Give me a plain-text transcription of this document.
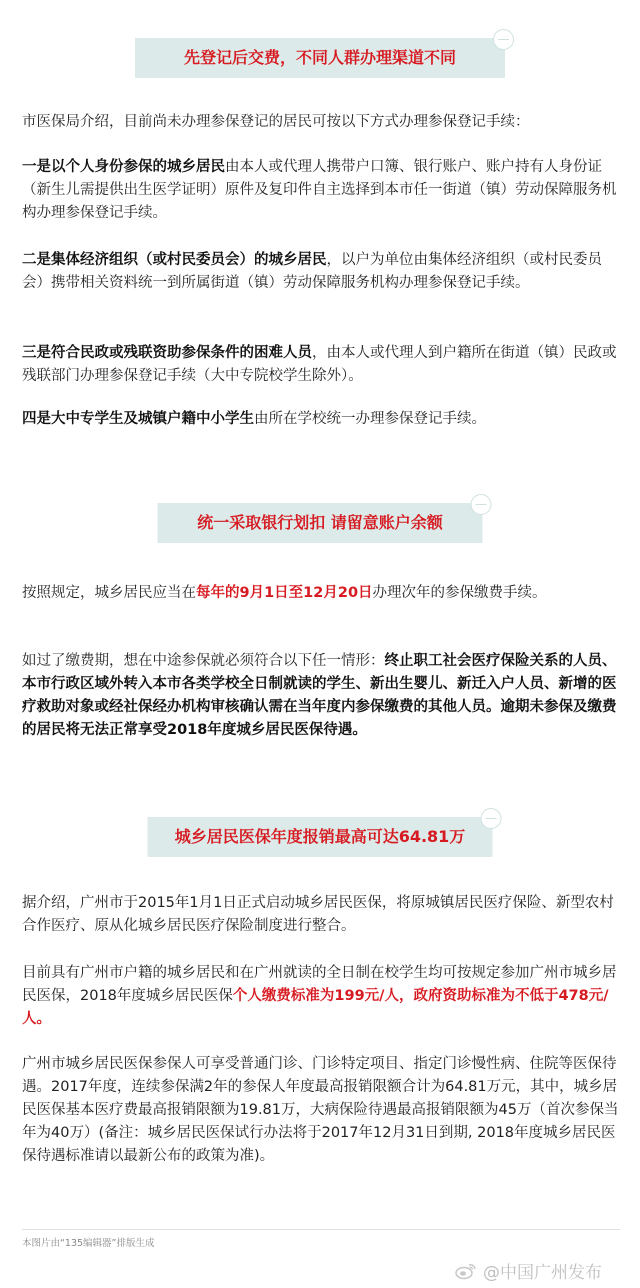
先登记后交费，不同人群办理渠道不同

市医保局介绍，目前尚未办理参保登记的居民可按以下方式办理参保登记手续：

一是以个人身份参保的城乡居民由本人或代理人携带户口簿、银行账户、账户持有人身份证（新生儿需提供出生医学证明）原件及复印件自主选择到本市任一街道（镇）劳动保障服务机构办理参保登记手续。

二是集体经济组织（或村民委员会）的城乡居民，以户为单位由集体经济组织（或村民委员会）携带相关资料统一到所属街道（镇）劳动保障服务机构办理参保登记手续。

三是符合民政或残联资助参保条件的困难人员，由本人或代理人到户籍所在街道（镇）民政或残联部门办理参保登记手续（大中专院校学生除外）。

四是大中专学生及城镇户籍中小学生由所在学校统一办理参保登记手续。

统一采取银行划扣 请留意账户余额

按照规定，城乡居民应当在每年的9月1日至12月20日办理次年的参保缴费手续。

如过了缴费期，想在中途参保就必须符合以下任一情形：终止职工社会医疗保险关系的人员、本市行政区域外转入本市各类学校全日制就读的学生、新出生婴儿、新迁入户人员、新增的医疗救助对象或经社保经办机构审核确认需在当年度内参保缴费的其他人员。逾期未参保及缴费的居民将无法正常享受2018年度城乡居民医保待遇。

城乡居民医保年度报销最高可达64.81万

据介绍，广州市于2015年1月1日正式启动城乡居民医保，将原城镇居民医疗保险、新型农村合作医疗、原从化城乡居民医疗保险制度进行整合。

目前具有广州市户籍的城乡居民和在广州就读的全日制在校学生均可按规定参加广州市城乡居民医保，2018年度城乡居民医保个人缴费标准为199元/人，政府资助标准为不低于478元/人。

广州市城乡居民医保参保人可享受普通门诊、门诊特定项目、指定门诊慢性病、住院等医保待遇。2017年度，连续参保满2年的参保人年度最高报销限额合计为64.81万元，其中，城乡居民医保基本医疗费最高报销限额为19.81万，大病保险待遇最高报销限额为45万（首次参保当年为40万）(备注：城乡居民医保试行办法将于2017年12月31日到期, 2018年度城乡居民医保待遇标准请以最新公布的政策为准)。

本图片由“135编辑器”排版生成
@中国广州发布
